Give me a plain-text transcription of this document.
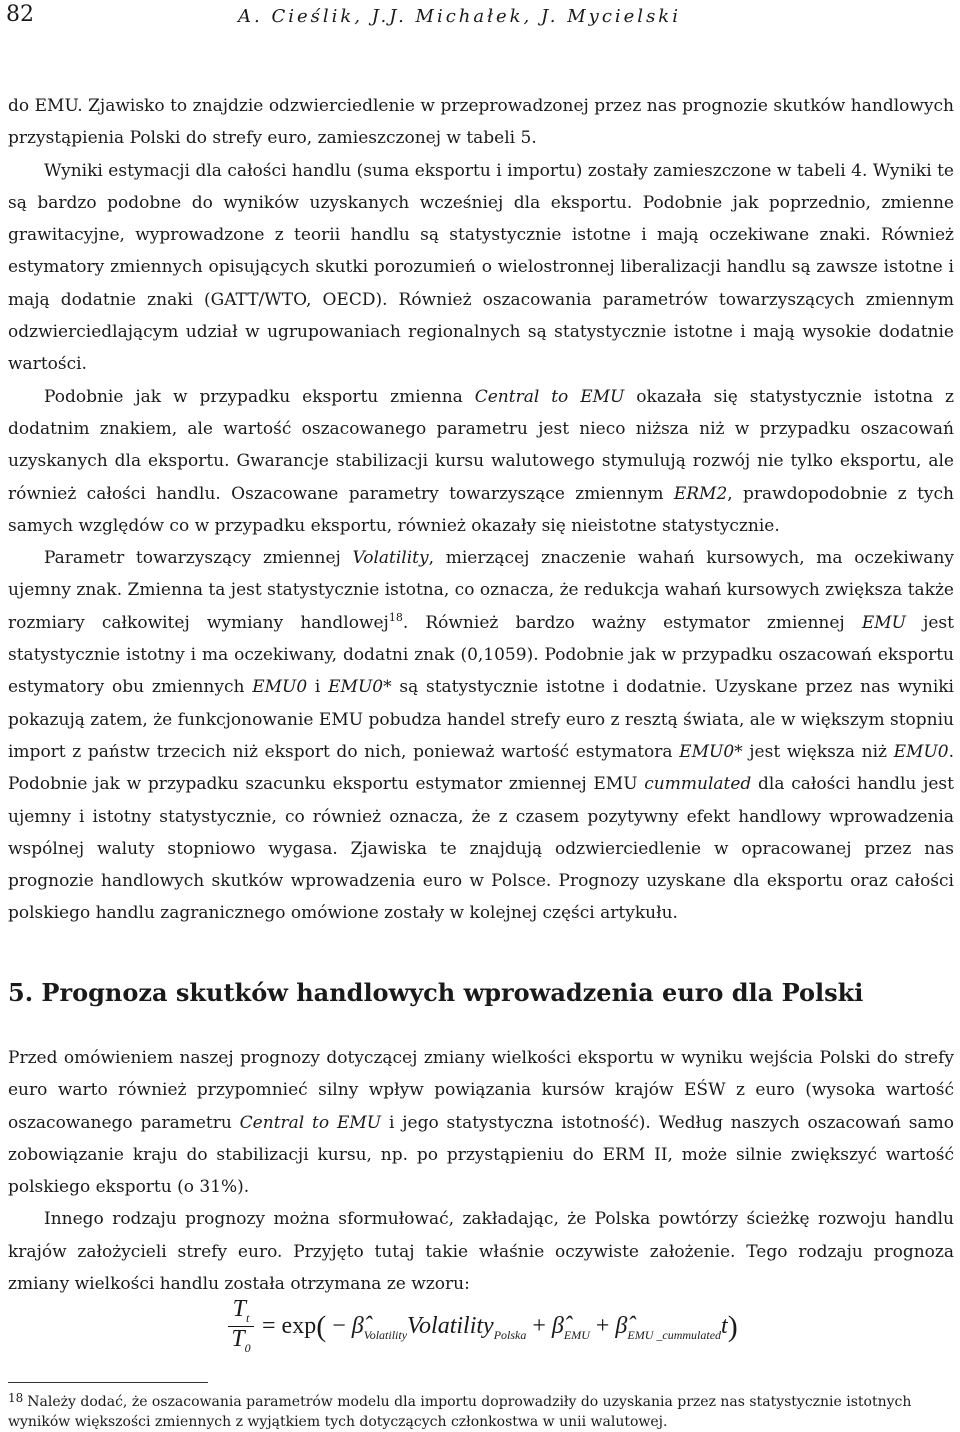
82	A. Cieślik, J.J. Michałek, J. Mycielski

do EMU. Zjawisko to znajdzie odzwierciedlenie w przeprowadzonej przez nas prognozie skutków handlowych przystąpienia Polski do strefy euro, zamieszczonej w tabeli 5.

Wyniki estymacji dla całości handlu (suma eksportu i importu) zostały zamieszczone w tabeli 4. Wyniki te są bardzo podobne do wyników uzyskanych wcześniej dla eksportu. Podobnie jak poprzednio, zmienne grawitacyjne, wyprowadzone z teorii handlu są statystycznie istotne i mają oczekiwane znaki. Również estymatory zmiennych opisujących skutki porozumień o wielostronnej liberalizacji handlu są zawsze istotne i mają dodatnie znaki (GATT/WTO, OECD). Również oszacowania parametrów towarzyszących zmiennym odzwierciedlającym udział w ugrupowaniach regionalnych są statystycznie istotne i mają wysokie dodatnie wartości.

Podobnie jak w przypadku eksportu zmienna Central to EMU okazała się statystycznie istotna z dodatnim znakiem, ale wartość oszacowanego parametru jest nieco niższa niż w przypadku oszacowań uzyskanych dla eksportu. Gwarancje stabilizacji kursu walutowego stymulują rozwój nie tylko eksportu, ale również całości handlu. Oszacowane parametry towarzyszące zmiennym ERM2, prawdopodobnie z tych samych względów co w przypadku eksportu, również okazały się nieistotne statystycznie.

Parametr towarzyszący zmiennej Volatility, mierzącej znaczenie wahań kursowych, ma oczekiwany ujemny znak. Zmienna ta jest statystycznie istotna, co oznacza, że redukcja wahań kursowych zwiększa także rozmiary całkowitej wymiany handlowej$^{18}$. Również bardzo ważny estymator zmiennej EMU jest statystycznie istotny i ma oczekiwany, dodatni znak (0,1059). Podobnie jak w przypadku oszacowań eksportu estymatory obu zmiennych EMU0 i EMU0* są statystycznie istotne i dodatnie. Uzyskane przez nas wyniki pokazują zatem, że funkcjonowanie EMU pobudza handel strefy euro z resztą świata, ale w większym stopniu import z państw trzecich niż eksport do nich, ponieważ wartość estymatora EMU0* jest większa niż EMU0. Podobnie jak w przypadku szacunku eksportu estymator zmiennej EMU cummulated dla całości handlu jest ujemny i istotny statystycznie, co również oznacza, że z czasem pozytywny efekt handlowy wprowadzenia wspólnej waluty stopniowo wygasa. Zjawiska te znajdują odzwierciedlenie w opracowanej przez nas prognozie handlowych skutków wprowadzenia euro w Polsce. Prognozy uzyskane dla eksportu oraz całości polskiego handlu zagranicznego omówione zostały w kolejnej części artykułu.

5. Prognoza skutków handlowych wprowadzenia euro dla Polski

Przed omówieniem naszej prognozy dotyczącej zmiany wielkości eksportu w wyniku wejścia Polski do strefy euro warto również przypomnieć silny wpływ powiązania kursów krajów EŚW z euro (wysoka wartość oszacowanego parametru Central to EMU i jego statystyczna istotność). Według naszych oszacowań samo zobowiązanie kraju do stabilizacji kursu, np. po przystąpieniu do ERM II, może silnie zwiększyć wartość polskiego eksportu (o 31%).

Innego rodzaju prognozy można sformułować, zakładając, że Polska powtórzy ścieżkę rozwoju handlu krajów założycieli strefy euro. Przyjęto tutaj takie właśnie oczywiste założenie. Tego rodzaju prognoza zmiany wielkości handlu została otrzymana ze wzoru:

$T_t$
$T_0$
= $\exp( - \betâ_{Volatility}Volatility_{Polska}$ + $\betâ_{EMU}$ + $\betâ_{EMU \_cummulated}t$)
18 Należy dodać, że oszacowania parametrów modelu dla importu doprowadziły do uzyskania przez nas statystycznie istotnych wyników większości zmiennych z wyjątkiem tych dotyczących członkostwa w unii walutowej.
